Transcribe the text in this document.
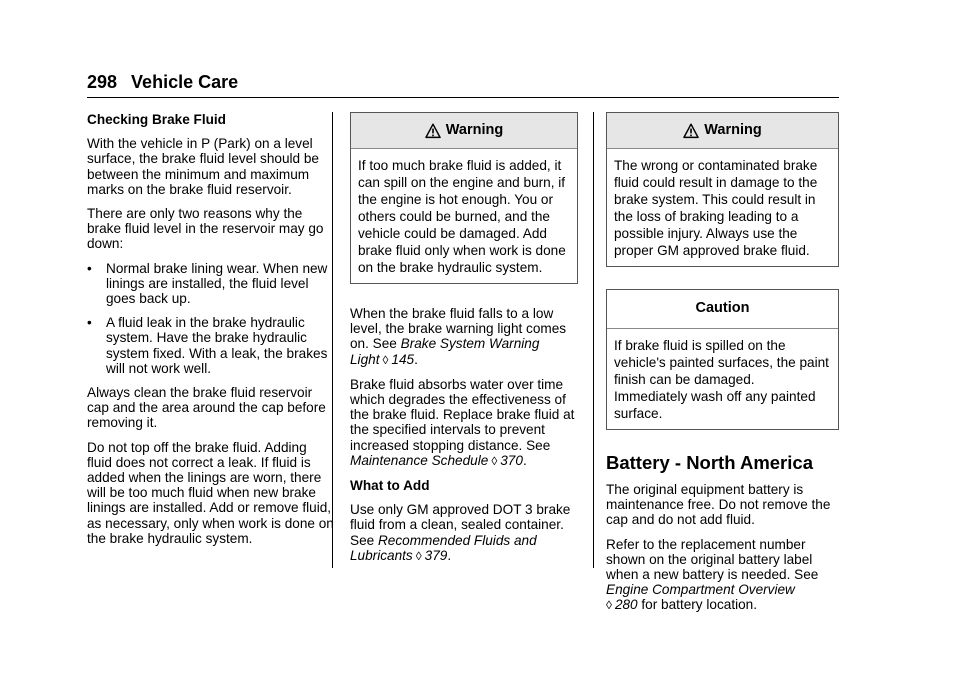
298 Vehicle Care

Checking Brake Fluid

With the vehicle in P (Park) on a level surface, the brake fluid level should be between the minimum and maximum marks on the brake fluid reservoir.

There are only two reasons why the brake fluid level in the reservoir may go down:

•	Normal brake lining wear. When new linings are installed, the fluid level goes back up.
•	A fluid leak in the brake hydraulic system. Have the brake hydraulic system fixed. With a leak, the brakes will not work well.

Always clean the brake fluid reservoir cap and the area around the cap before removing it.

Do not top off the brake fluid. Adding fluid does not correct a leak. If fluid is added when the linings are worn, there will be too much fluid when new brake linings are installed. Add or remove fluid, as necessary, only when work is done on the brake hydraulic system.

Warning
If too much brake fluid is added, it can spill on the engine and burn, if the engine is hot enough. You or others could be burned, and the vehicle could be damaged. Add brake fluid only when work is done on the brake hydraulic system.

When the brake fluid falls to a low level, the brake warning light comes on. See Brake System Warning Light ◊ 145.

Brake fluid absorbs water over time which degrades the effectiveness of the brake fluid. Replace brake fluid at the specified intervals to prevent increased stopping distance. See Maintenance Schedule ◊ 370.

What to Add

Use only GM approved DOT 3 brake fluid from a clean, sealed container. See Recommended Fluids and Lubricants ◊ 379.

Warning
The wrong or contaminated brake fluid could result in damage to the brake system. This could result in the loss of braking leading to a possible injury. Always use the proper GM approved brake fluid.
Caution
If brake fluid is spilled on the vehicle's painted surfaces, the paint finish can be damaged. Immediately wash off any painted surface.
Battery - North America

The original equipment battery is maintenance free. Do not remove the cap and do not add fluid.

Refer to the replacement number shown on the original battery label when a new battery is needed. See Engine Compartment Overview
◊ 280 for battery location.
